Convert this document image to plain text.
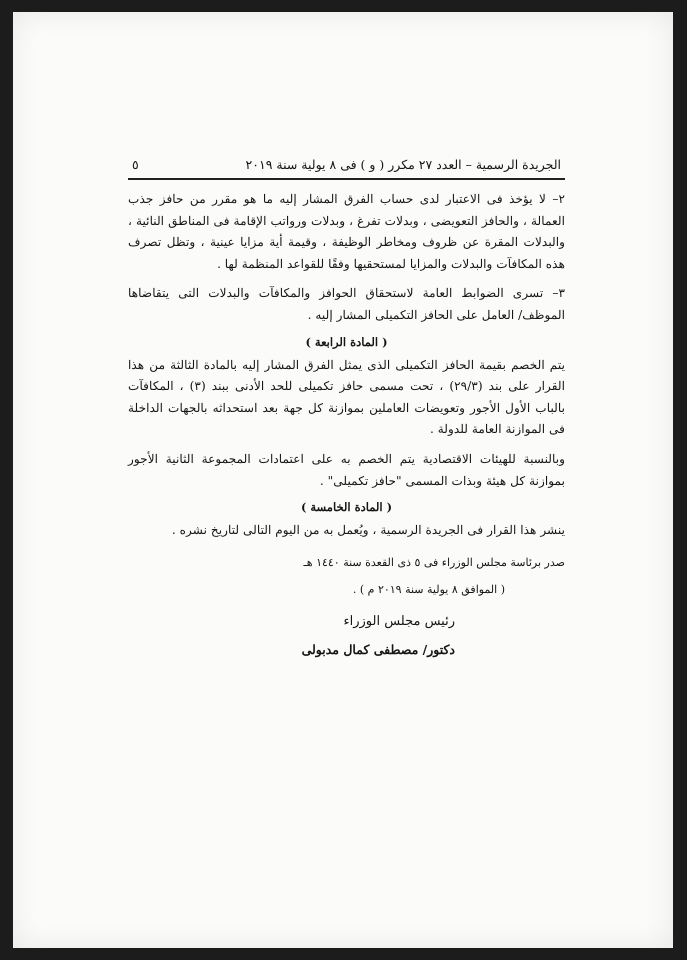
الجريدة الرسمية – العدد ٢٧ مكرر ( و ) فى ٨ يولية سنة ٢٠١٩
٥

٢– لا يؤخذ فى الاعتبار لدى حساب الفرق المشار إليه ما هو مقرر من حافز جذب العمالة ، والحافز التعويضى ، وبدلات تفرغ ، وبدلات ورواتب الإقامة فى المناطق النائية ، والبدلات المقرة عن ظروف ومخاطر الوظيفة ، وقيمة أية مزايا عينية ، وتظل تصرف هذه المكافآت والبدلات والمزايا لمستحقيها وفقًا للقواعد المنظمة لها .

٣– تسرى الضوابط العامة لاستحقاق الحوافز والمكافآت والبدلات التى يتقاضاها الموظف/ العامل على الحافز التكميلى المشار إليه .

( المادة الرابعة )

يتم الخصم بقيمة الحافز التكميلى الذى يمثل الفرق المشار إليه بالمادة الثالثة من هذا القرار على بند (٢٩/٣) ، تحت مسمى حافز تكميلى للحد الأدنى ببند (٣) ، المكافآت بالباب الأول الأجور وتعويضات العاملين بموازنة كل جهة بعد استحداثه بالجهات الداخلة فى الموازنة العامة للدولة .

وبالنسبة للهيئات الاقتصادية يتم الخصم به على اعتمادات المجموعة الثانية الأجور بموازنة كل هيئة وبذات المسمى "حافز تكميلى" .

( المادة الخامسة )

ينشر هذا القرار فى الجريدة الرسمية ، ويُعمل به من اليوم التالى لتاريخ نشره .

صدر برئاسة مجلس الوزراء فى ٥ ذى القعدة سنة ١٤٤٠ هـ

( الموافق ٨ يولية سنة ٢٠١٩ م ) .

رئيس مجلس الوزراء

دكتور/ مصطفى كمال مدبولى
